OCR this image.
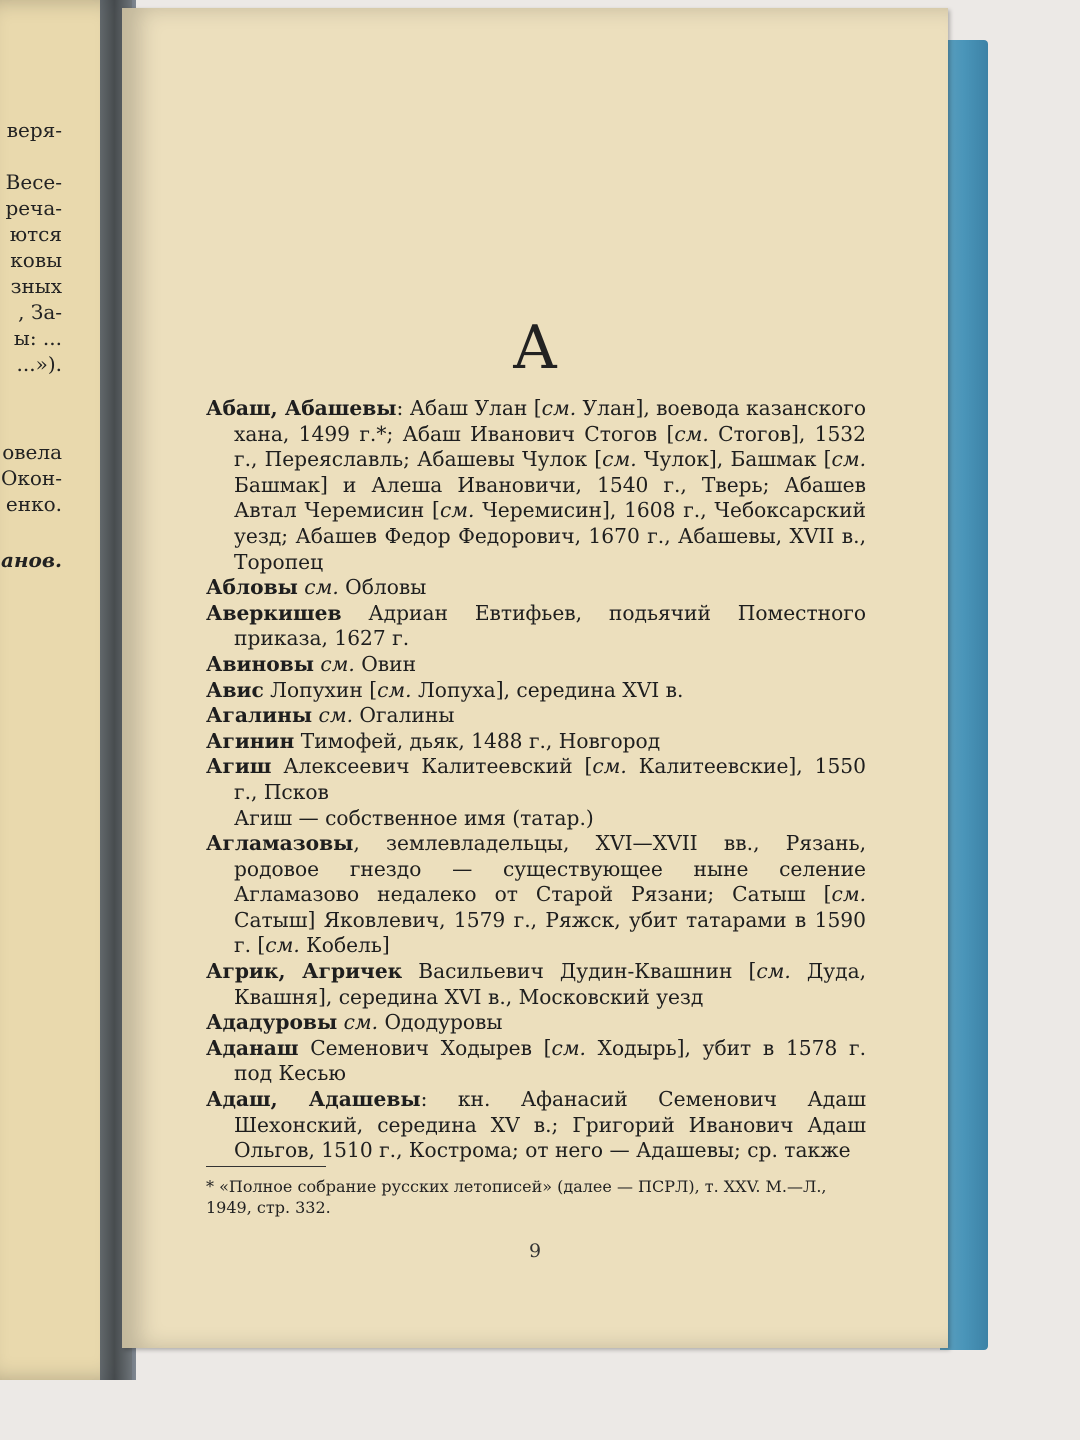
веря-
Весе-
реча-
ются
ковы
зных
, За-
ы: ...
...»).
овела
Окон-
енко.
анов.
А

Абаш, Абашевы: Абаш Улан [см. Улан], воевода казанского хана, 1499 г.*; Абаш Иванович Стогов [см. Стогов], 1532 г., Переяславль; Абашевы Чулок [см. Чулок], Башмак [см. Башмак] и Алеша Ивановичи, 1540 г., Тверь; Абашев Автал Черемисин [см. Черемисин], 1608 г., Чебоксарский уезд; Абашев Федор Федорович, 1670 г., Абашевы, XVII в., Торопец

Абловы см. Обловы

Аверкишев Адриан Евтифьев, подьячий Поместного приказа, 1627 г.

Авиновы см. Овин

Авис Лопухин [см. Лопуха], середина XVI в.

Агалины см. Огалины

Агинин Тимофей, дьяк, 1488 г., Новгород

Агиш Алексеевич Калитеевский [см. Калитеевские], 1550 г., Псков

Агиш — собственное имя (татар.)

Агламазовы, землевладельцы, XVI—XVII вв., Рязань, родовое гнездо — существующее ныне селение Агламазово недалеко от Старой Рязани; Сатыш [см. Сатыш] Яковлевич, 1579 г., Ряжск, убит татарами в 1590 г. [см. Кобель]

Агрик, Агричек Васильевич Дудин-Квашнин [см. Дуда, Квашня], середина XVI в., Московский уезд

Ададуровы см. Ододуровы

Аданаш Семенович Ходырев [см. Ходырь], убит в 1578 г. под Кесью

Адаш, Адашевы: кн. Афанасий Семенович Адаш Шехонский, середина XV в.; Григорий Иванович Адаш Ольгов, 1510 г., Кострома; от него — Адашевы; ср. также

* «Полное собрание русских летописей» (далее — ПСРЛ), т. XXV. М.—Л., 1949, стр. 332.
9
